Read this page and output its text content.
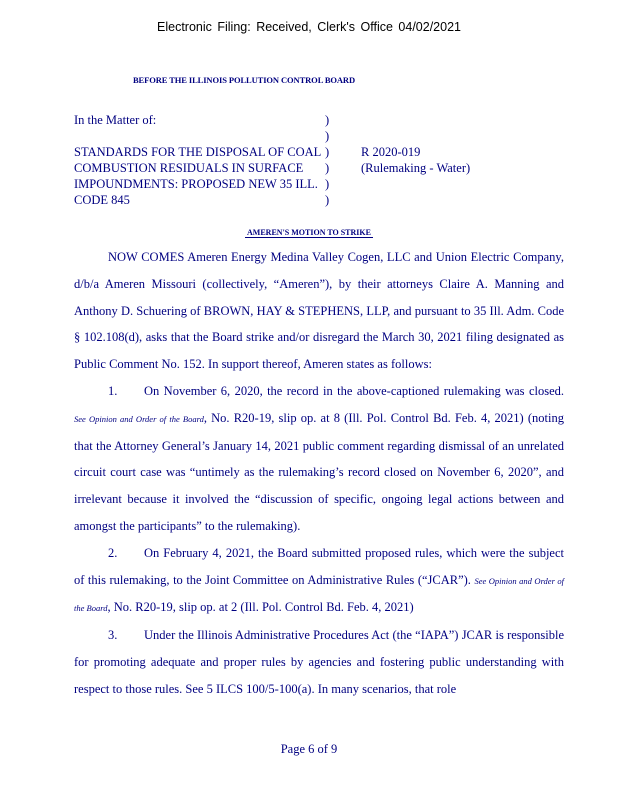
Electronic Filing: Received, Clerk's Office 04/02/2021
BEFORE THE ILLINOIS POLLUTION CONTROL BOARD
In the Matter of:
STANDARDS FOR THE DISPOSAL OF COAL
COMBUSTION RESIDUALS IN SURFACE
IMPOUNDMENTS: PROPOSED NEW 35 ILL.
CODE 845
)
)
)
)
)
)
R 2020-019
(Rulemaking - Water)
AMEREN'S MOTION TO STRIKE

NOW COMES Ameren Energy Medina Valley Cogen, LLC and Union Electric Company, d/b/a Ameren Missouri (collectively, “Ameren”), by their attorneys Claire A. Manning and Anthony D. Schuering of BROWN, HAY & STEPHENS, LLP, and pursuant to 35 Ill. Adm. Code § 102.108(d), asks that the Board strike and/or disregard the March 30, 2021 filing designated as Public Comment No. 152. In support thereof, Ameren states as follows:

1. On November 6, 2020, the record in the above-captioned rulemaking was closed. See Opinion and Order of the Board, No. R20-19, slip op. at 8 (Ill. Pol. Control Bd. Feb. 4, 2021) (noting that the Attorney General’s January 14, 2021 public comment regarding dismissal of an unrelated circuit court case was “untimely as the rulemaking’s record closed on November 6, 2020”, and irrelevant because it involved the “discussion of specific, ongoing legal actions between and amongst the participants” to the rulemaking).

2. On February 4, 2021, the Board submitted proposed rules, which were the subject of this rulemaking, to the Joint Committee on Administrative Rules (“JCAR”). See Opinion and Order of the Board, No. R20-19, slip op. at 2 (Ill. Pol. Control Bd. Feb. 4, 2021)

3. Under the Illinois Administrative Procedures Act (the “IAPA”) JCAR is responsible for promoting adequate and proper rules by agencies and fostering public understanding with respect to those rules. See 5 ILCS 100/5-100(a). In many scenarios, that role

Page 6 of 9
